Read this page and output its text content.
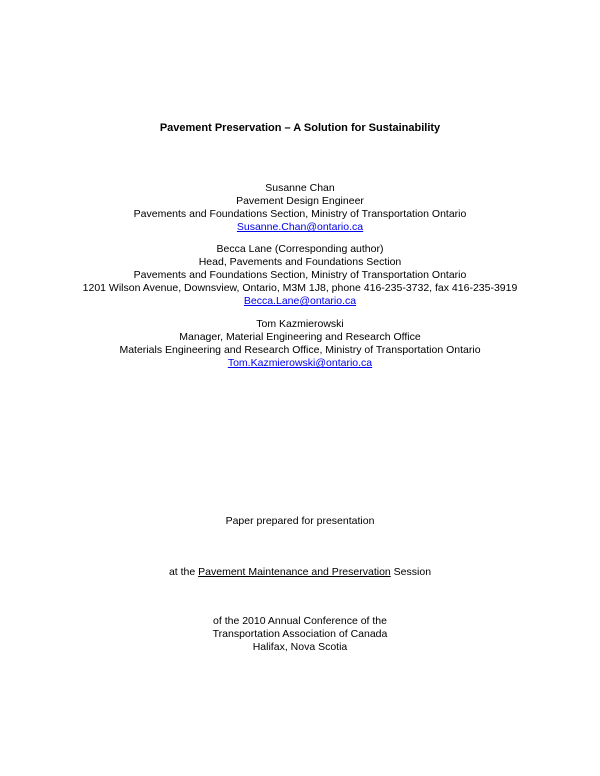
Pavement Preservation – A Solution for Sustainability
Susanne Chan
Pavement Design Engineer
Pavements and Foundations Section, Ministry of Transportation Ontario
Susanne.Chan@ontario.ca
Becca Lane (Corresponding author)
Head, Pavements and Foundations Section
Pavements and Foundations Section, Ministry of Transportation Ontario
1201 Wilson Avenue, Downsview, Ontario, M3M 1J8, phone 416-235-3732, fax 416-235-3919
Becca.Lane@ontario.ca
Tom Kazmierowski
Manager, Material Engineering and Research Office
Materials Engineering and Research Office, Ministry of Transportation Ontario
Tom.Kazmierowski@ontario.ca
Paper prepared for presentation
at the Pavement Maintenance and Preservation Session
of the 2010 Annual Conference of the
Transportation Association of Canada
Halifax, Nova Scotia
